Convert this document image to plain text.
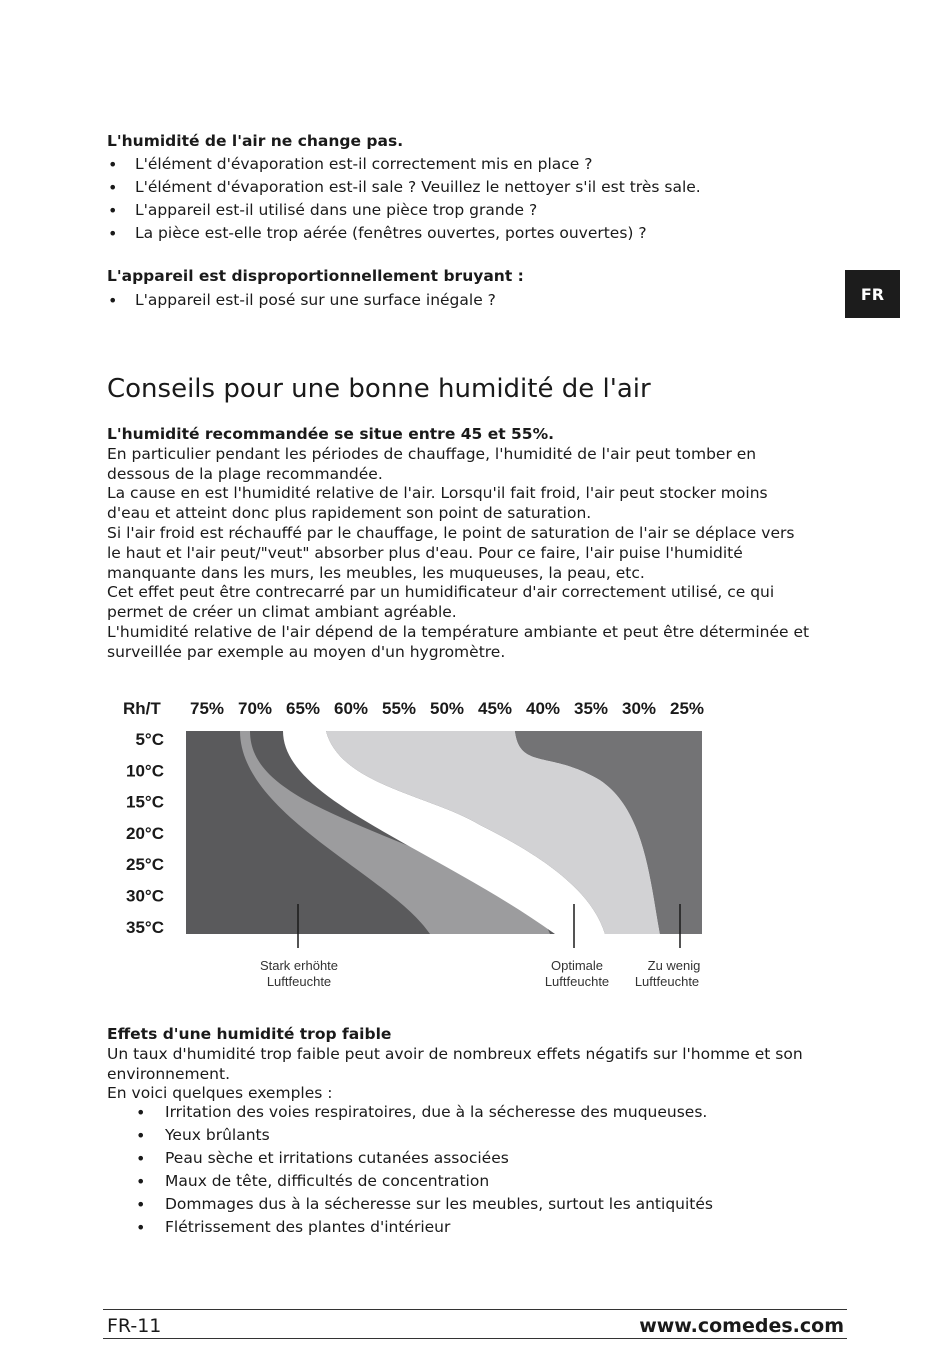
FR
L'humidité de l'air ne change pas.
• L'élément d'évaporation est-il correctement mis en place ?
• L'élément d'évaporation est-il sale ? Veuillez le nettoyer s'il est très sale.
• L'appareil est-il utilisé dans une pièce trop grande ?
• La pièce est-elle trop aérée (fenêtres ouvertes, portes ouvertes) ?
L'appareil est disproportionnellement bruyant :
• L'appareil est-il posé sur une surface inégale ?
Conseils pour une bonne humidité de l'air
L'humidité recommandée se situe entre 45 et 55%.
En particulier pendant les périodes de chauffage, l'humidité de l'air peut tomber en
dessous de la plage recommandée.
La cause en est l'humidité relative de l'air. Lorsqu'il fait froid, l'air peut stocker moins
d'eau et atteint donc plus rapidement son point de saturation.
Si l'air froid est réchauffé par le chauffage, le point de saturation de l'air se déplace vers
le haut et l'air peut/"veut" absorber plus d'eau. Pour ce faire, l'air puise l'humidité
manquante dans les murs, les meubles, les muqueuses, la peau, etc.
Cet effet peut être contrecarré par un humidificateur d'air correctement utilisé, ce qui
permet de créer un climat ambiant agréable.
L'humidité relative de l'air dépend de la température ambiante et peut être déterminée et
surveillée par exemple au moyen d'un hygromètre.
Rh/T 75% 70% 65% 60% 55% 50% 45% 40% 35% 30% 25%
5°C
10°C
15°C
20°C
25°C
30°C
35°C
Stark erhöhte
Luftfeuchte
Optimale
Luftfeuchte
Zu wenig
Luftfeuchte
Effets d'une humidité trop faible
Un taux d'humidité trop faible peut avoir de nombreux effets négatifs sur l'homme et son
environnement.
En voici quelques exemples :
• Irritation des voies respiratoires, due à la sécheresse des muqueuses.
• Yeux brûlants
• Peau sèche et irritations cutanées associées
• Maux de tête, difficultés de concentration
• Dommages dus à la sécheresse sur les meubles, surtout les antiquités
• Flétrissement des plantes d'intérieur
FR-11	www.comedes.com
